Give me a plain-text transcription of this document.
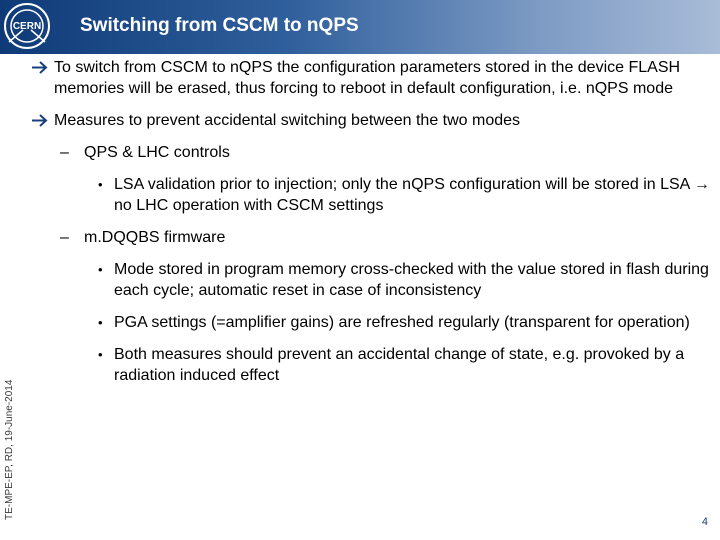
CERN Switching from CSCM to nQPS
To switch from CSCM to nQPS the configuration parameters stored in the device FLASH memories will be erased, thus forcing to reboot in default configuration, i.e. nQPS mode
Measures to prevent accidental switching between the two modes
– QPS & LHC controls
• LSA validation prior to injection; only the nQPS configuration will be stored in LSA → no LHC operation with CSCM settings
– m.DQQBS firmware
• Mode stored in program memory cross-checked with the value stored in flash during each cycle; automatic reset in case of inconsistency
• PGA settings (=amplifier gains) are refreshed regularly (transparent for operation)
• Both measures should prevent an accidental change of state, e.g. provoked by a radiation induced effect
TE-MPE-EP, RD, 19-June-2014
4
